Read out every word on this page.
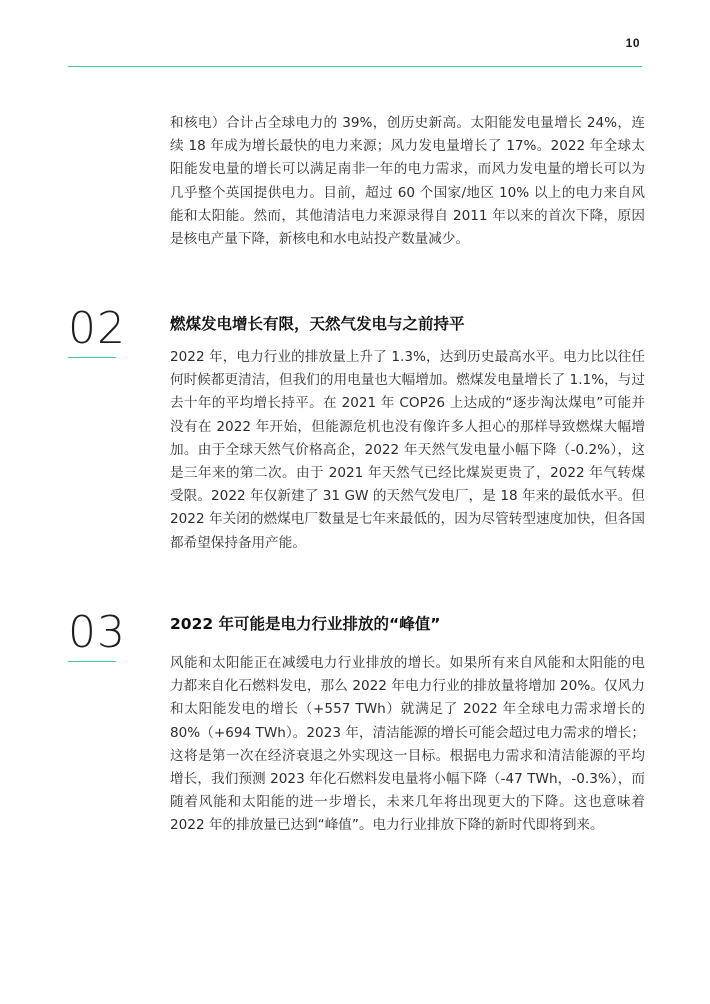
10

和核电）合计占全球电力的 39%，创历史新高。太阳能发电量增长 24%，连续 18 年成为增长最快的电力来源；风力发电量增长了 17%。2022 年全球太阳能发电量的增长可以满足南非一年的电力需求，而风力发电量的增长可以为几乎整个英国提供电力。目前，超过 60 个国家/地区 10% 以上的电力来自风能和太阳能。然而，其他清洁电力来源录得自 2011 年以来的首次下降，原因是核电产量下降，新核电和水电站投产数量减少。

02	燃煤发电增长有限，天然气发电与之前持平

2022 年，电力行业的排放量上升了 1.3%，达到历史最高水平。电力比以往任何时候都更清洁，但我们的用电量也大幅增加。燃煤发电量增长了 1.1%，与过去十年的平均增长持平。在 2021 年 COP26 上达成的“逐步淘汰煤电”可能并没有在 2022 年开始，但能源危机也没有像许多人担心的那样导致燃煤大幅增加。由于全球天然气价格高企，2022 年天然气发电量小幅下降（-0.2%），这是三年来的第二次。由于 2021 年天然气已经比煤炭更贵了，2022 年气转煤受限。2022 年仅新建了 31 GW 的天然气发电厂，是 18 年来的最低水平。但 2022 年关闭的燃煤电厂数量是七年来最低的，因为尽管转型速度加快，但各国都希望保持备用产能。

03	2022 年可能是电力行业排放的“峰值”

风能和太阳能正在减缓电力行业排放的增长。如果所有来自风能和太阳能的电力都来自化石燃料发电，那么 2022 年电力行业的排放量将增加 20%。仅风力和太阳能发电的增长（+557 TWh）就满足了 2022 年全球电力需求增长的 80%（+694 TWh）。2023 年，清洁能源的增长可能会超过电力需求的增长；这将是第一次在经济衰退之外实现这一目标。根据电力需求和清洁能源的平均增长，我们预测 2023 年化石燃料发电量将小幅下降（-47 TWh，-0.3%），而随着风能和太阳能的进一步增长，未来几年将出现更大的下降。这也意味着 2022 年的排放量已达到“峰值”。电力行业排放下降的新时代即将到来。
